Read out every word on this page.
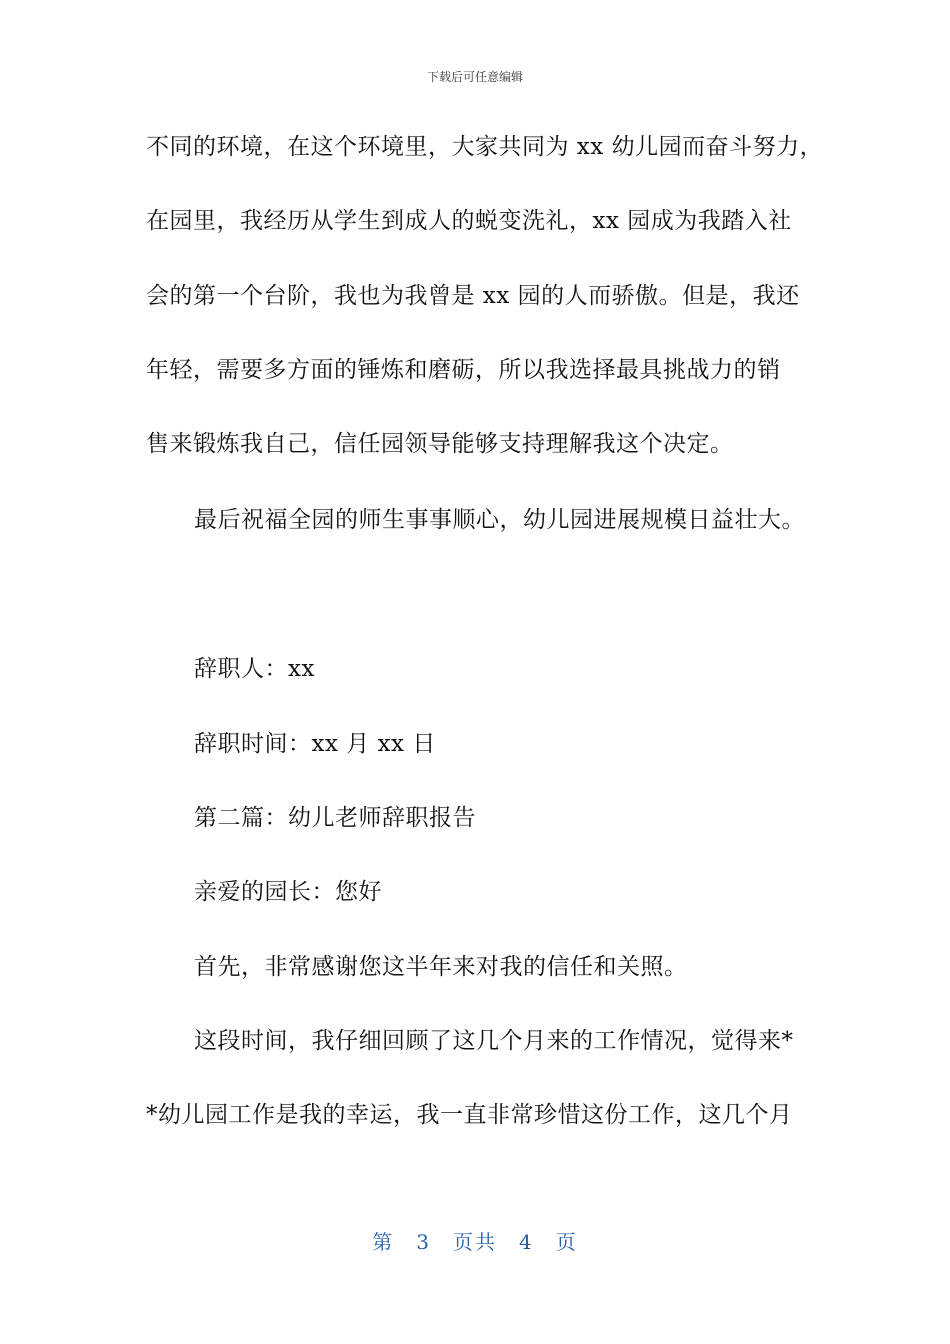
下载后可任意编辑
不同的环境，在这个环境里，大家共同为 xx 幼儿园而奋斗努力，
在园里，我经历从学生到成人的蜕变洗礼，xx 园成为我踏入社
会的第一个台阶，我也为我曾是 xx 园的人而骄傲。但是，我还
年轻，需要多方面的锤炼和磨砺，所以我选择最具挑战力的销
售来锻炼我自己，信任园领导能够支持理解我这个决定。
最后祝福全园的师生事事顺心，幼儿园进展规模日益壮大。
辞职人：xx
辞职时间：xx 月 xx 日
第二篇：幼儿老师辞职报告
亲爱的园长：您好
首先，非常感谢您这半年来对我的信任和关照。
这段时间，我仔细回顾了这几个月来的工作情况，觉得来*
*幼儿园工作是我的幸运，我一直非常珍惜这份工作，这几个月
第 3 页共 4 页
